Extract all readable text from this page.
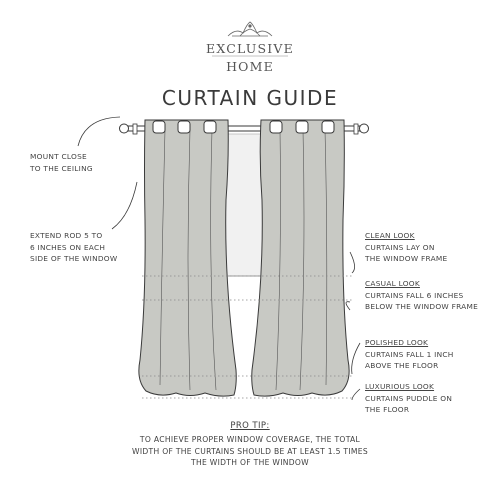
EXCLUSIVE

HOME

CURTAIN GUIDE

MOUNT CLOSE
TO THE CEILING
EXTEND ROD 5 TO
6 INCHES ON EACH
SIDE OF THE WINDOW
CLEAN LOOK
CURTAINS LAY ON
THE WINDOW FRAME
CASUAL LOOK
CURTAINS FALL 6 INCHES
BELOW THE WINDOW FRAME
POLISHED LOOK
CURTAINS FALL 1 INCH
ABOVE THE FLOOR
LUXURIOUS LOOK
CURTAINS PUDDLE ON
THE FLOOR

PRO TIP:

TO ACHIEVE PROPER WINDOW COVERAGE, THE TOTAL
WIDTH OF THE CURTAINS SHOULD BE AT LEAST 1.5 TIMES
THE WIDTH OF THE WINDOW
